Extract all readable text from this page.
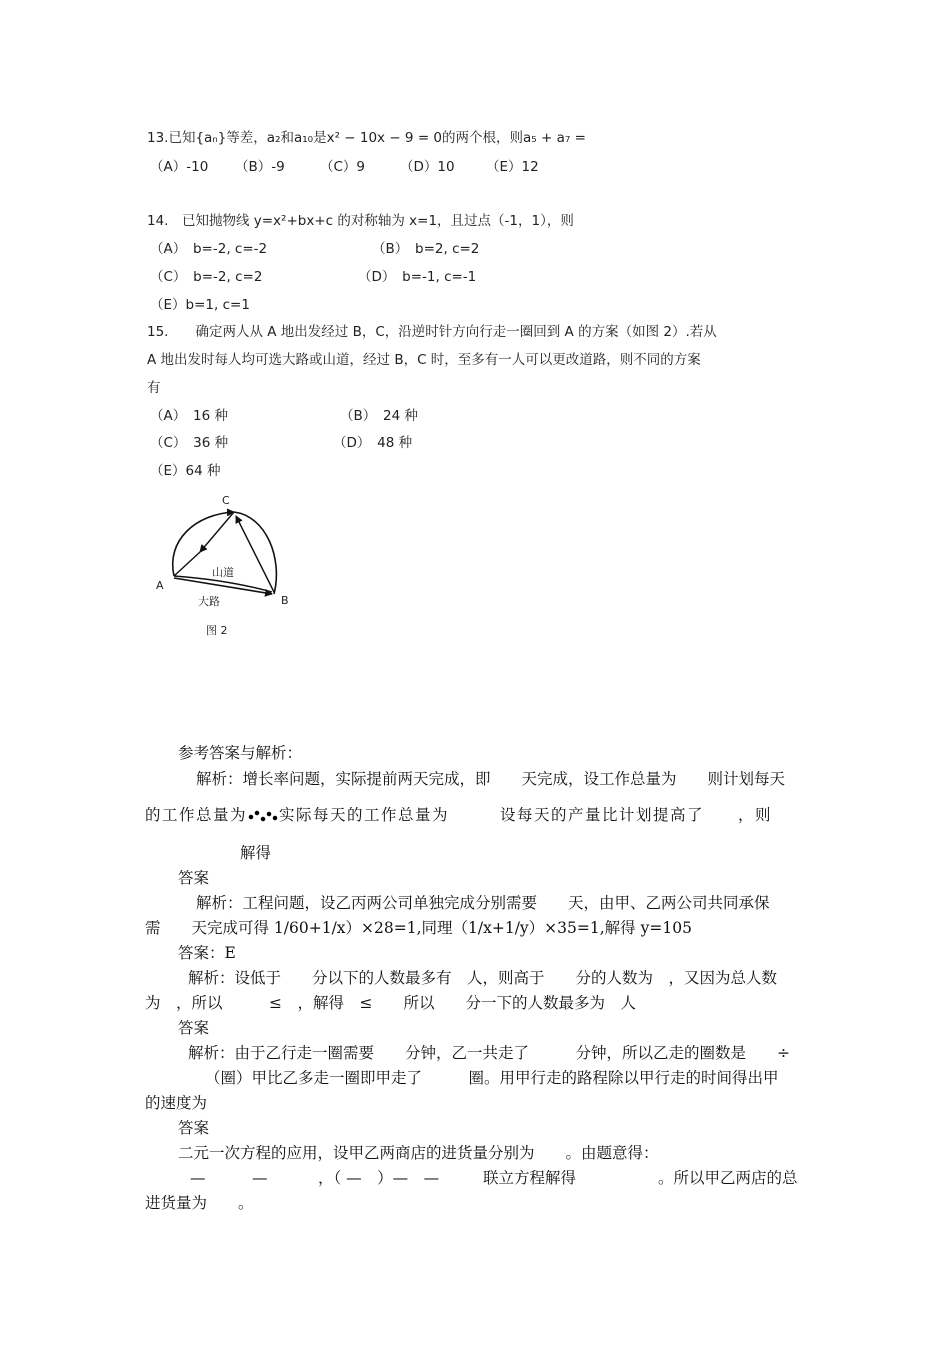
13.已知{aₙ}等差，a₂和a₁₀是x² − 10x − 9 = 0的两个根，则a₅ + a₇ =
（A）-10 （B）-9	（C）9	（D）10 （E）12
14.　已知抛物线 y=x²+bx+c 的对称轴为 x=1，且过点（-1，1），则
（A）　b=-2, c=-2	（B）　b=2, c=2
（C）　b=-2, c=2	（D）　b=-1, c=-1
（E）b=1, c=1
15.　　确定两人从 A 地出发经过 B，C，沿逆时针方向行走一圈回到 A 的方案（如图 2）.若从
A 地出发时每人均可选大路或山道，经过 B，C 时，至多有一人可以更改道路，则不同的方案
有
（A）　16 种	（B）　24 种
（C）　36 种	（D）　48 种
（E）64 种
C
A
B
山道
大路
图 2
参考答案与解析：
解析：增长率问题，实际提前两天完成，即　　天完成，设工作总量为　　则计划每天
的工作总量为 实际每天的工作总量为　　　设每天的产量比计划提高了　　，则
解得
答案
解析：工程问题，设乙丙两公司单独完成分别需要　　天，由甲、乙两公司共同承保
需　　天完成可得 1/60+1/x）×28=1,同理（1/x+1/y）×35=1,解得 y=105
答案：E
解析：设低于　　分以下的人数最多有　人，则高于　　分的人数为　，又因为总人数
为　，所以　　　≤　，解得　≤　　所以　　分一下的人数最多为　人
答案
解析：由于乙行走一圈需要　　分钟，乙一共走了　　　分钟，所以乙走的圈数是　　÷
（圈）甲比乙多走一圈即甲走了　　　圈。用甲行走的路程除以甲行走的时间得出甲
的速度为
答案
二元一次方程的应用，设甲乙两商店的进货量分别为　　。由题意得：
—　　　—	，（ —　）—　—	联立方程解得	。所以甲乙两店的总
进货量为　　。
